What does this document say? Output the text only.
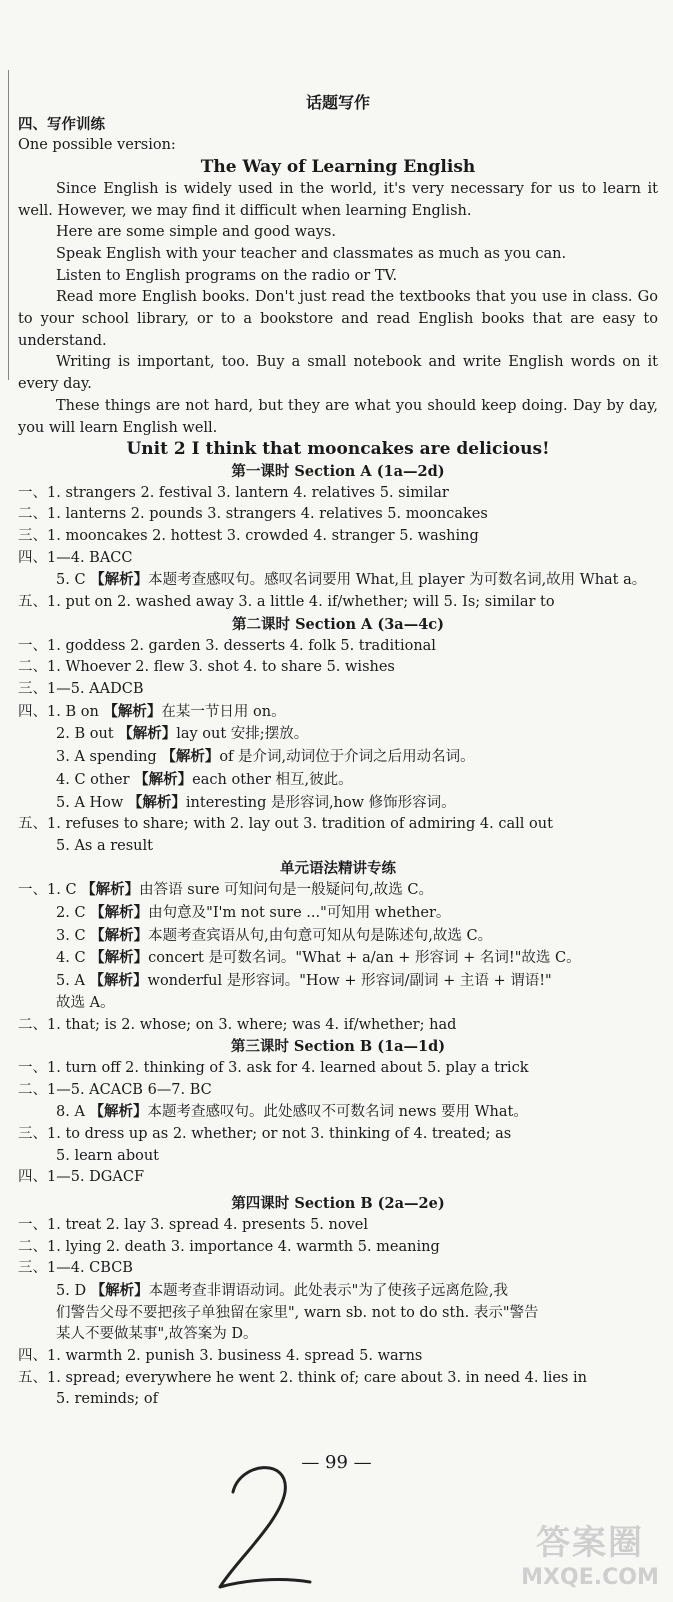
话题写作
四、写作训练
One possible version:
The Way of Learning English
Since English is widely used in the world, it's very necessary for us to learn it well. However, we may find it difficult when learning English.
Here are some simple and good ways.
Speak English with your teacher and classmates as much as you can.
Listen to English programs on the radio or TV.
Read more English books. Don't just read the textbooks that you use in class. Go to your school library, or to a bookstore and read English books that are easy to understand.
Writing is important, too. Buy a small notebook and write English words on it every day.
These things are not hard, but they are what you should keep doing. Day by day, you will learn English well.
Unit 2 I think that mooncakes are delicious!
第一课时 Section A (1a—2d)
一、1. strangers 2. festival 3. lantern 4. relatives 5. similar
二、1. lanterns 2. pounds 3. strangers 4. relatives 5. mooncakes
三、1. mooncakes 2. hottest 3. crowded 4. stranger 5. washing
四、1—4. BACC
5. C 【解析】本题考查感叹句。感叹名词要用 What,且 player 为可数名词,故用 What a。
五、1. put on 2. washed away 3. a little 4. if/whether; will 5. Is; similar to
第二课时 Section A (3a—4c)
一、1. goddess 2. garden 3. desserts 4. folk 5. traditional
二、1. Whoever 2. flew 3. shot 4. to share 5. wishes
三、1—5. AADCB
四、1. B on 【解析】在某一节日用 on。
2. B out 【解析】lay out 安排;摆放。
3. A spending 【解析】of 是介词,动词位于介词之后用动名词。
4. C other 【解析】each other 相互,彼此。
5. A How 【解析】interesting 是形容词,how 修饰形容词。
五、1. refuses to share; with 2. lay out 3. tradition of admiring 4. call out
5. As a result
单元语法精讲专练
一、1. C 【解析】由答语 sure 可知问句是一般疑问句,故选 C。
2. C 【解析】由句意及"I'm not sure ..."可知用 whether。
3. C 【解析】本题考查宾语从句,由句意可知从句是陈述句,故选 C。
4. C 【解析】concert 是可数名词。"What + a/an + 形容词 + 名词!"故选 C。
5. A 【解析】wonderful 是形容词。"How + 形容词/副词 + 主语 + 谓语!"
故选 A。
二、1. that; is 2. whose; on 3. where; was 4. if/whether; had
第三课时 Section B (1a—1d)
一、1. turn off 2. thinking of 3. ask for 4. learned about 5. play a trick
二、1—5. ACACB 6—7. BC
8. A 【解析】本题考查感叹句。此处感叹不可数名词 news 要用 What。
三、1. to dress up as 2. whether; or not 3. thinking of 4. treated; as
5. learn about
四、1—5. DGACF
第四课时 Section B (2a—2e)
一、1. treat 2. lay 3. spread 4. presents 5. novel
二、1. lying 2. death 3. importance 4. warmth 5. meaning
三、1—4. CBCB
5. D 【解析】本题考查非谓语动词。此处表示"为了使孩子远离危险,我
们警告父母不要把孩子单独留在家里", warn sb. not to do sth. 表示"警告
某人不要做某事",故答案为 D。
四、1. warmth 2. punish 3. business 4. spread 5. warns
五、1. spread; everywhere he went 2. think of; care about 3. in need 4. lies in
5. reminds; of
— 99 —
答案圈
MXQE.COM
